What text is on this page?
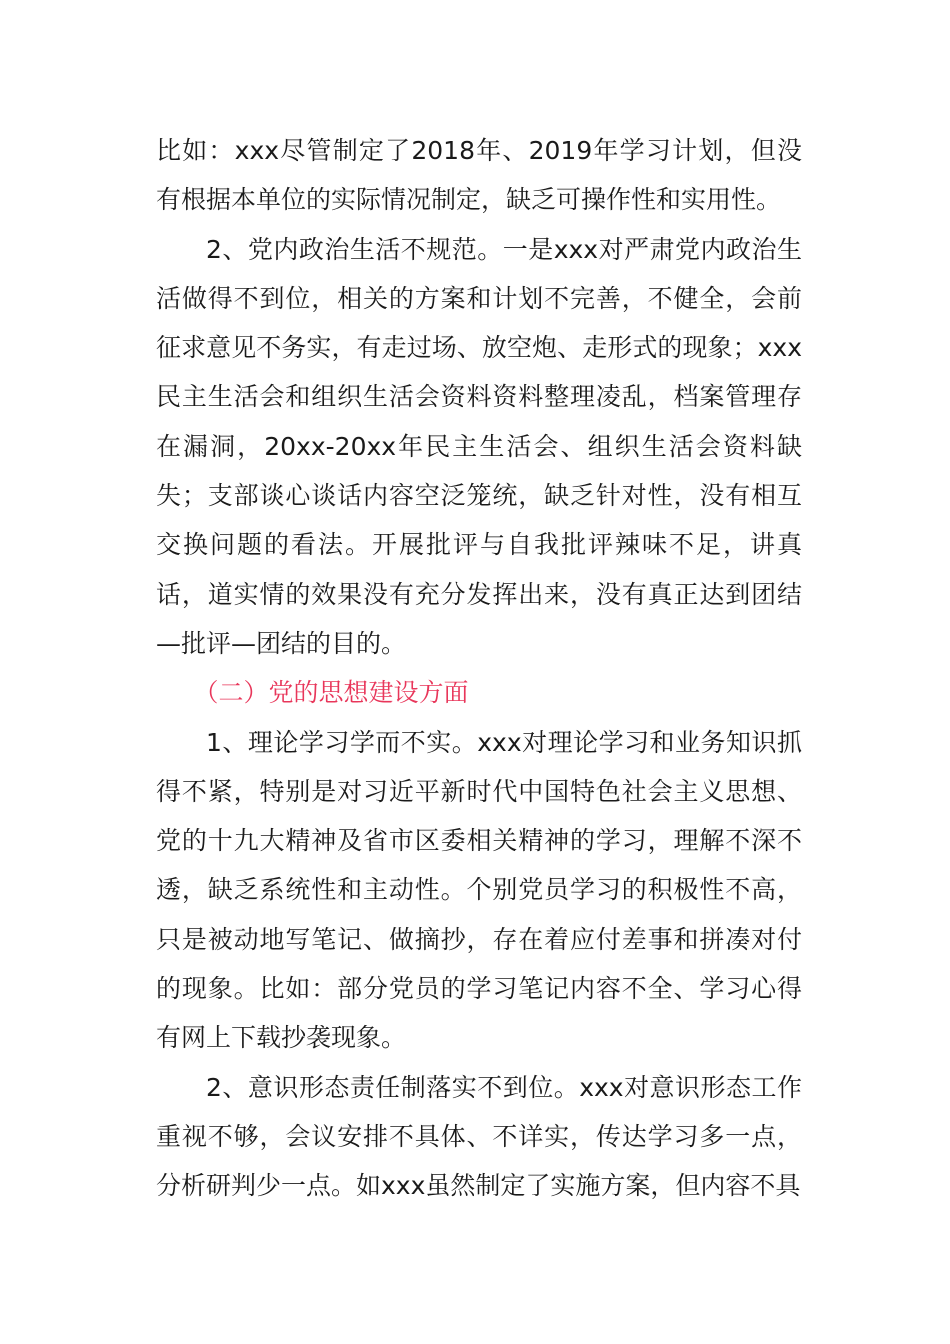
比如：xxx尽管制定了2018年、2019年学习计划，但没有根据本单位的实际情况制定，缺乏可操作性和实用性。

2、党内政治生活不规范。一是xxx对严肃党内政治生活做得不到位，相关的方案和计划不完善，不健全，会前征求意见不务实，有走过场、放空炮、走形式的现象；xxx民主生活会和组织生活会资料资料整理凌乱，档案管理存在漏洞，20xx-20xx年民主生活会、组织生活会资料缺失；支部谈心谈话内容空泛笼统，缺乏针对性，没有相互交换问题的看法。开展批评与自我批评辣味不足，讲真话，道实情的效果没有充分发挥出来，没有真正达到团结—批评—团结的目的。

（二）党的思想建设方面

1、理论学习学而不实。xxx对理论学习和业务知识抓得不紧，特别是对习近平新时代中国特色社会主义思想、党的十九大精神及省市区委相关精神的学习，理解不深不透，缺乏系统性和主动性。个别党员学习的积极性不高，只是被动地写笔记、做摘抄，存在着应付差事和拼凑对付的现象。比如：部分党员的学习笔记内容不全、学习心得有网上下载抄袭现象。

2、意识形态责任制落实不到位。xxx对意识形态工作重视不够，会议安排不具体、不详实，传达学习多一点，分析研判少一点。如xxx虽然制定了实施方案，但内容不具
